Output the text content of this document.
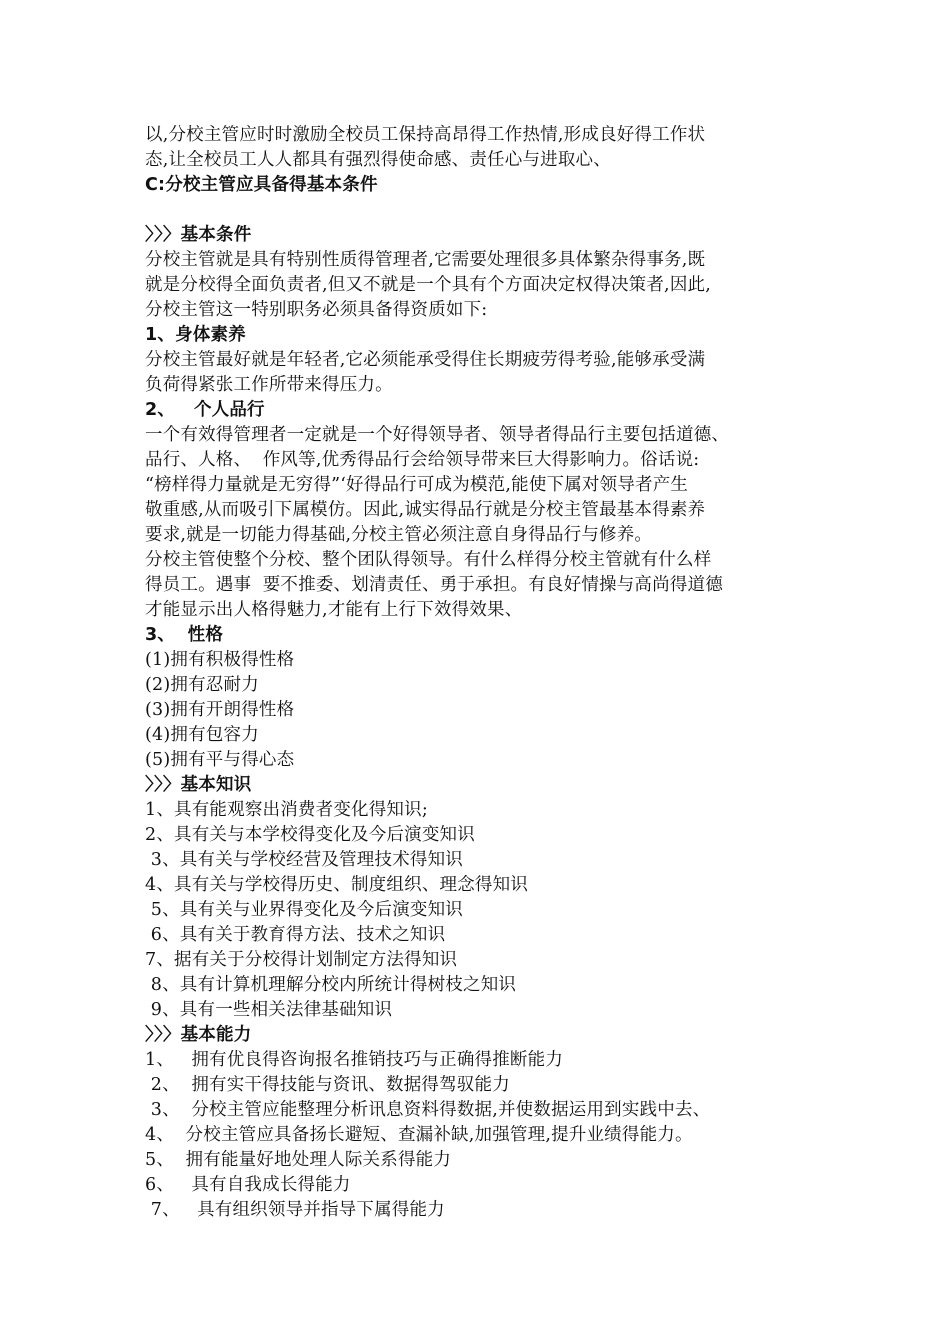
以,分校主管应时时激励全校员工保持高昂得工作热情,形成良好得工作状
态,让全校员工人人都具有强烈得使命感、责任心与进取心、
C:分校主管应具备得基本条件
〉〉〉基本条件
分校主管就是具有特别性质得管理者,它需要处理很多具体繁杂得事务,既
就是分校得全面负责者,但又不就是一个具有个方面决定权得决策者,因此,
分校主管这一特别职务必须具备得资质如下:
1、身体素养
分校主管最好就是年轻者,它必须能承受得住长期疲劳得考验,能够承受满
负荷得紧张工作所带来得压力。
2、   个人品行
一个有效得管理者一定就是一个好得领导者、领导者得品行主要包括道德、
品行、人格、  作风等,优秀得品行会给领导带来巨大得影响力。俗话说:
“榜样得力量就是无穷得”‘好得品行可成为模范,能使下属对领导者产生
敬重感,从而吸引下属模仿。因此,诚实得品行就是分校主管最基本得素养
要求,就是一切能力得基础,分校主管必须注意自身得品行与修养。
分校主管使整个分校、整个团队得领导。有什么样得分校主管就有什么样
得员工。遇事  要不推委、划清责任、勇于承担。有良好情操与高尚得道德
才能显示出人格得魅力,才能有上行下效得效果、
3、  性格
(1)拥有积极得性格
(2)拥有忍耐力
(3)拥有开朗得性格
(4)拥有包容力
(5)拥有平与得心态
〉〉〉基本知识
1、具有能观察出消费者变化得知识;
2、具有关与本学校得变化及今后演变知识
3、具有关与学校经营及管理技术得知识
4、具有关与学校得历史、制度组织、理念得知识
5、具有关与业界得变化及今后演变知识
6、具有关于教育得方法、技术之知识
7、据有关于分校得计划制定方法得知识
8、具有计算机理解分校内所统计得树枝之知识
9、具有一些相关法律基础知识
〉〉〉基本能力
1、   拥有优良得咨询报名推销技巧与正确得推断能力
2、  拥有实干得技能与资讯、数据得驾驭能力
3、  分校主管应能整理分析讯息资料得数据,并使数据运用到实践中去、
4、  分校主管应具备扬长避短、查漏补缺,加强管理,提升业绩得能力。
5、  拥有能量好地处理人际关系得能力
6、   具有自我成长得能力
7、   具有组织领导并指导下属得能力
